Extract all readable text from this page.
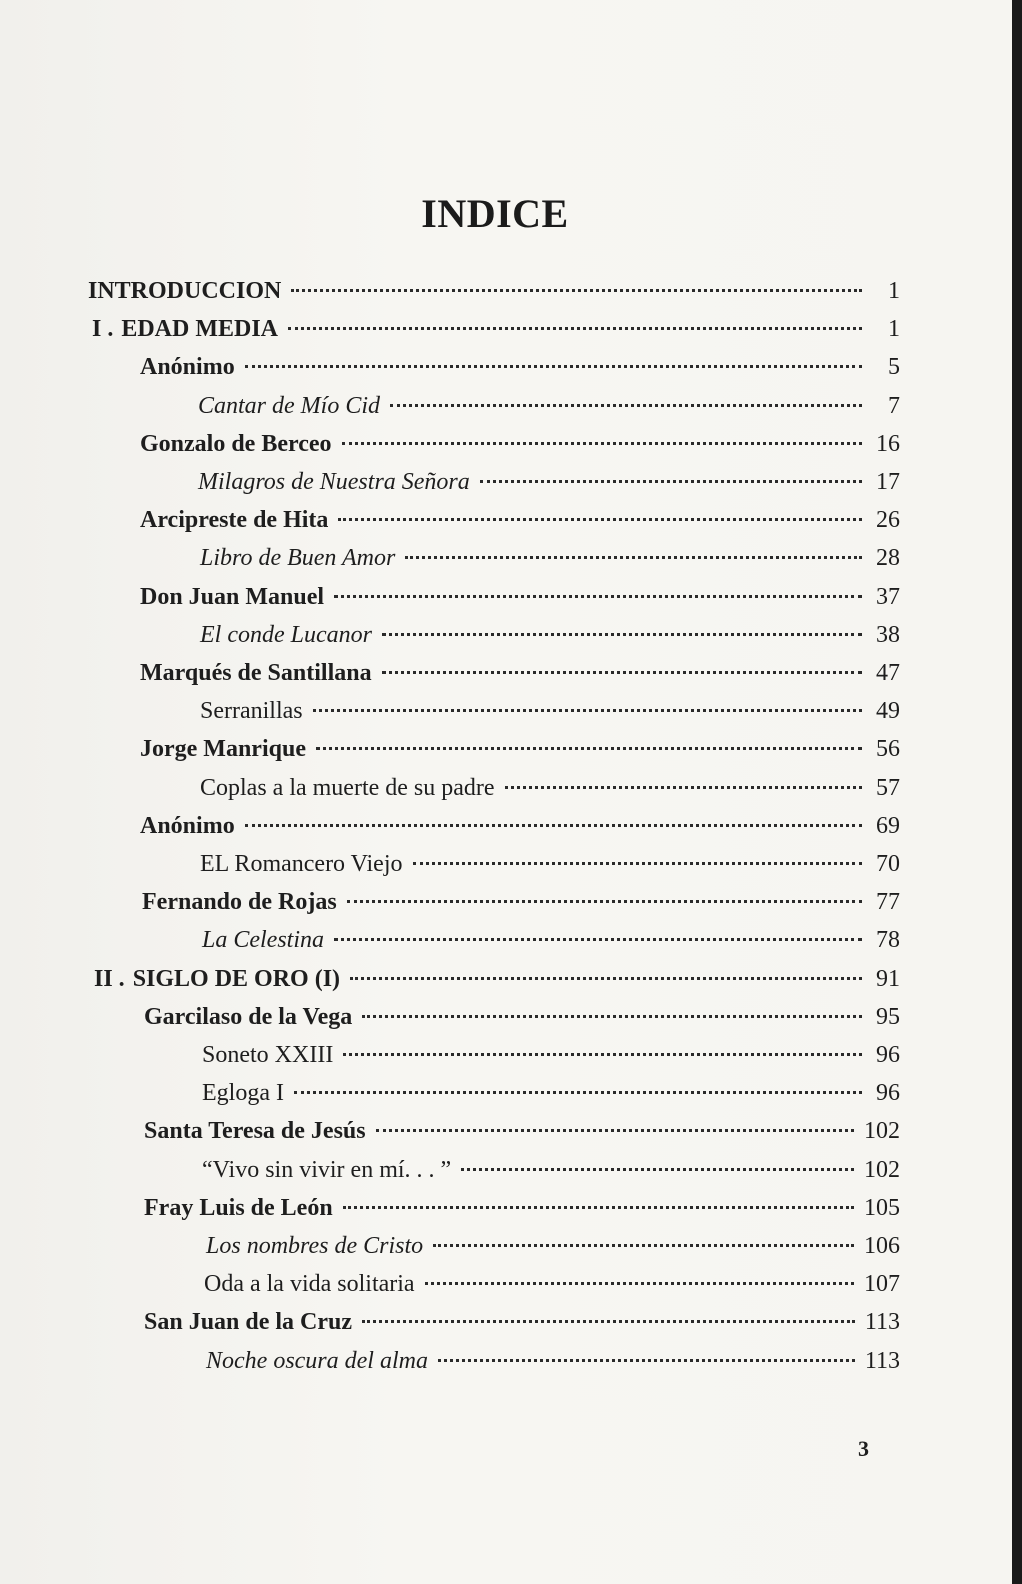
INDICE
INTRODUCCION	1
I . EDAD MEDIA	1
Anónimo	5
Cantar de Mío Cid	7
Gonzalo de Berceo	16
Milagros de Nuestra Señora	17
Arcipreste de Hita	26
Libro de Buen Amor	28
Don Juan Manuel	37
El conde Lucanor	38
Marqués de Santillana	47
Serranillas	49
Jorge Manrique	56
Coplas a la muerte de su padre	57
Anónimo	69
EL Romancero Viejo	70
Fernando de Rojas	77
La Celestina	78
II . SIGLO DE ORO (I)	91
Garcilaso de la Vega	95
Soneto XXIII	96
Egloga I	96
Santa Teresa de Jesús	102
“Vivo sin vivir en mí. . . ”	102
Fray Luis de León	105
Los nombres de Cristo	106
Oda a la vida solitaria	107
San Juan de la Cruz	113
Noche oscura del alma	113
3
